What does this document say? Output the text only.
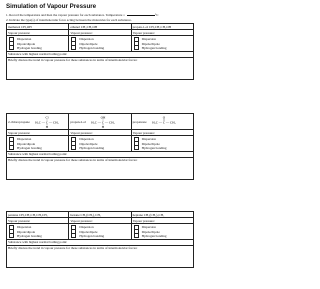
Simulation of Vapour Pressure
1. Record the temperature and then the vapour pressure for each substance. Temperature =	°C
2. Indicate the type(s) of intermolecular force acting between the molecules for each substance.
methanol CH₃OH	ethanol CH₃CH₂OH	propan-1-ol CH₃CH₂CH₂OH
Vapour pressure:	Vapour pressure:	Vapour pressure:
Dispersion
Dipole/dipole
Hydrogen bonding
Dispersion
Dipole/dipole
Hydrogen bonding
Dispersion
Dipole/dipole
Hydrogen bonding
Substance with highest normal boiling point:
Briefly discuss the trend in vapour pressure for these substances in terms of intermolecular forces:
2-chloropropane
Cl
H₃C — C — CH₃
H
propan-2-ol
OH
H₃C — C — CH₃
H
propanone
O
H₃C — C — CH₃
Vapour pressure:	Vapour pressure:	Vapour pressure:
Dispersion
Dipole/dipole
Hydrogen bonding
Dispersion
Dipole/dipole
Hydrogen bonding
Dispersion
Dipole/dipole
Hydrogen bonding
Substance with highest normal boiling point:
Briefly discuss the trend in vapour pressure for these substances in terms of intermolecular forces:
pentane CH₃CH₂CH₂CH₂CH₃	hexane CH₃(CH₂)₄CH₃	heptane CH₃(CH₂)₅CH₃
Vapour pressure:	Vapour pressure:	Vapour pressure:
Dispersion
Dipole/dipole
Hydrogen bonding
Dispersion
Dipole/dipole
Hydrogen bonding
Dispersion
Dipole/dipole
Hydrogen bonding
Substance with highest normal boiling point:
Briefly discuss the trend in vapour pressure for these substances in terms of intermolecular forces:
